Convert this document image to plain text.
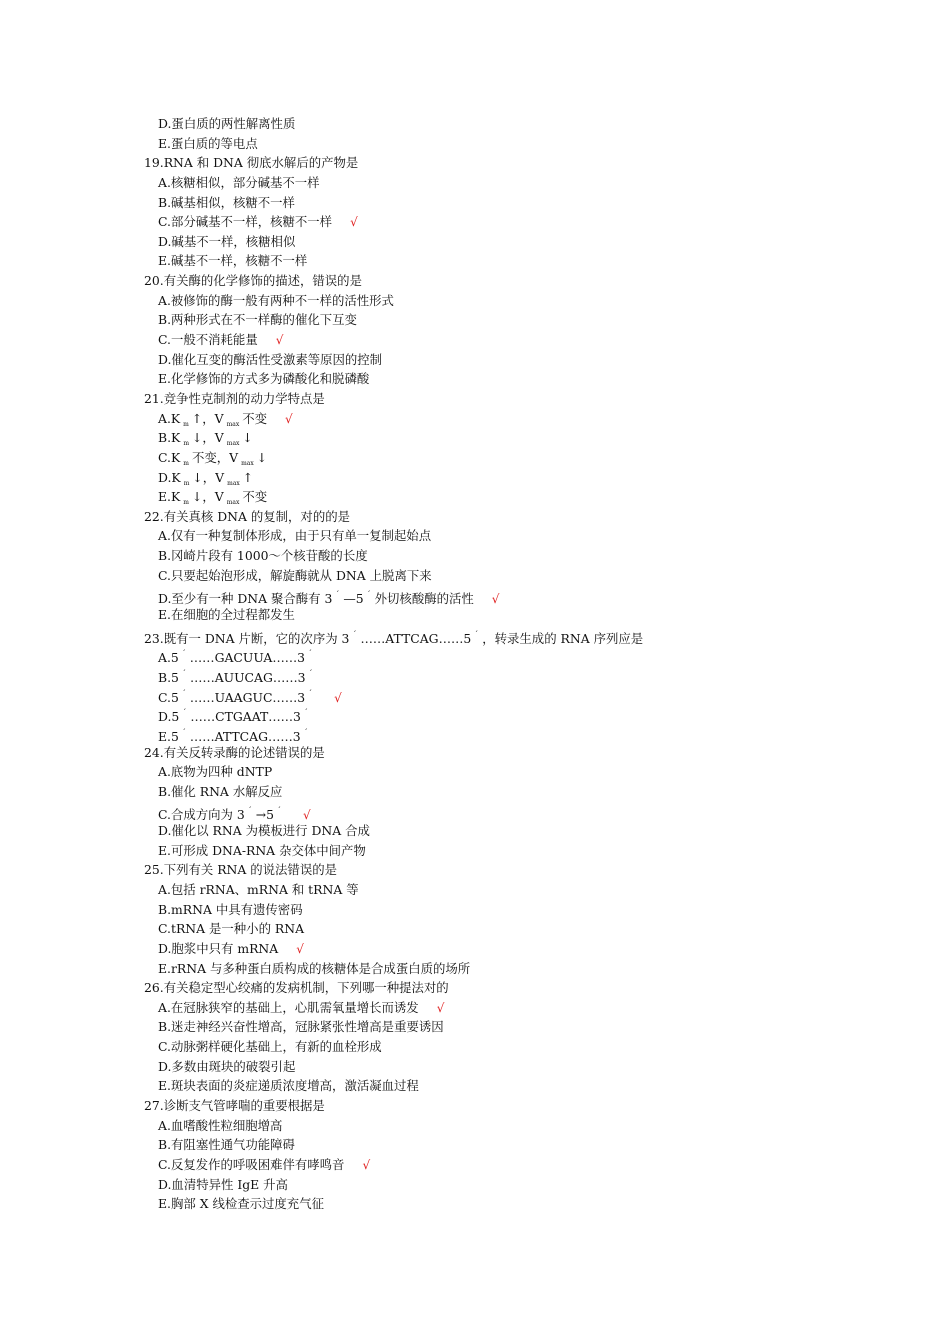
D.蛋白质的两性解离性质
E.蛋白质的等电点
19.RNA 和 DNA 彻底水解后的产物是
A.核糖相似，部分碱基不一样
B.碱基相似，核糖不一样
C.部分碱基不一样，核糖不一样 √
D.碱基不一样，核糖相似
E.碱基不一样，核糖不一样
20.有关酶的化学修饰的描述，错误的是
A.被修饰的酶一般有两种不一样的活性形式
B.两种形式在不一样酶的催化下互变
C.一般不消耗能量 √
D.催化互变的酶活性受激素等原因的控制
E.化学修饰的方式多为磷酸化和脱磷酸
21.竞争性克制剂的动力学特点是
A.K $_m$ ↑，V $_{max}$ 不变 √
B.K $_m$ ↓，V $_{max}$ ↓
C.K $_m$ 不变，V $_{max}$ ↓
D.K $_m$ ↓，V $_{max}$ ↑
E.K $_m$ ↓，V $_{max}$ 不变
22.有关真核 DNA 的复制，对的的是
A.仅有一种复制体形成，由于只有单一复制起始点
B.冈崎片段有 1000～个核苷酸的长度
C.只要起始泡形成，解旋酶就从 DNA 上脱离下来
D.至少有一种 DNA 聚合酶有 3 $^ˊ$ —5 $^ˊ$ 外切核酸酶的活性 √
E.在细胞的全过程都发生
23.既有一 DNA 片断，它的次序为 3 $^ˊ$ ……ATTCAG……5 $^ˊ$ ，转录生成的 RNA 序列应是
A.5 $^ˊ$ ……GACUUA……3 $^ˊ$
B.5 $^ˊ$ ……AUUCAG……3 $^ˊ$
C.5 $^ˊ$ ……UAAGUC……3 $^ˊ$ √
D.5 $^ˊ$ ……CTGAAT……3 $^ˊ$
E.5 $^ˊ$ ……ATTCAG……3 $^ˊ$
24.有关反转录酶的论述错误的是
A.底物为四种 dNTP
B.催化 RNA 水解反应
C.合成方向为 3 $^ˊ$ →5 $^ˊ$ √
D.催化以 RNA 为模板进行 DNA 合成
E.可形成 DNA-RNA 杂交体中间产物
25.下列有关 RNA 的说法错误的是
A.包括 rRNA、mRNA 和 tRNA 等
B.mRNA 中具有遗传密码
C.tRNA 是一种小的 RNA
D.胞浆中只有 mRNA √
E.rRNA 与多种蛋白质构成的核糖体是合成蛋白质的场所
26.有关稳定型心绞痛的发病机制，下列哪一种提法对的
A.在冠脉狭窄的基础上，心肌需氧量增长而诱发 √
B.迷走神经兴奋性增高，冠脉紧张性增高是重要诱因
C.动脉粥样硬化基础上，有新的血栓形成
D.多数由斑块的破裂引起
E.斑块表面的炎症递质浓度增高，激活凝血过程
27.诊断支气管哮喘的重要根据是
A.血嗜酸性粒细胞增高
B.有阻塞性通气功能障碍
C.反复发作的呼吸困难伴有哮鸣音 √
D.血清特异性 IgE 升高
E.胸部 X 线检查示过度充气征
